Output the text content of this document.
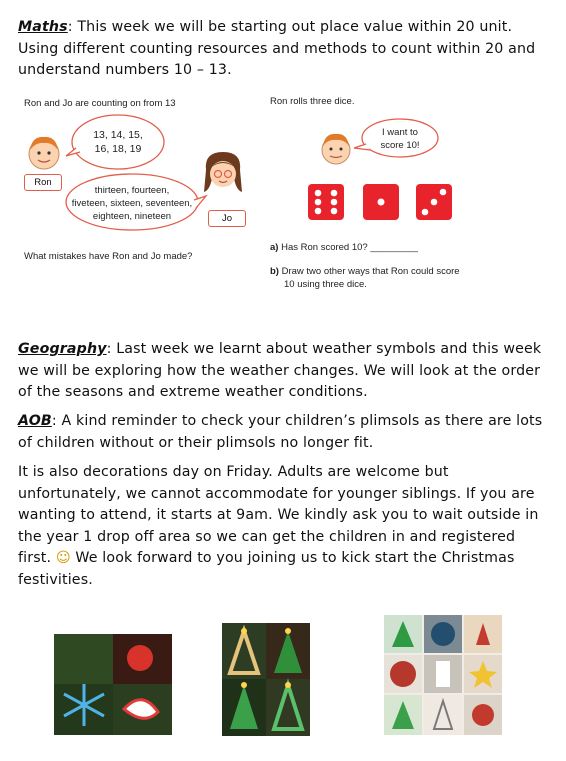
Maths: This week we will be starting out place value within 20 unit. Using different counting resources and methods to count within 20 and understand numbers 10 – 13.
Ron and Jo are counting on from 13
Ron
13, 14, 15,
16, 18, 19
thirteen, fourteen,
fiveteen, sixteen, seventeen,
eighteen, nineteen	Jo
What mistakes have Ron and Jo made?
Ron rolls three dice.
I want to
score 10!
a) Has Ron scored 10? _________
b) Draw two other ways that Ron could score
10 using three dice.
Geography: Last week we learnt about weather symbols and this week we will be exploring how the weather changes. We will look at the order of the seasons and extreme weather conditions.
AOB: A kind reminder to check your children’s plimsols as there are lots of children without or their plimsols no longer fit.
It is also decorations day on Friday. Adults are welcome but unfortunately, we cannot accommodate for younger siblings. If you are wanting to attend, it starts at 9am. We kindly ask you to wait outside in the year 1 drop off area so we can get the children in and registered first. ☺ We look forward to you joining us to kick start the Christmas festivities.
